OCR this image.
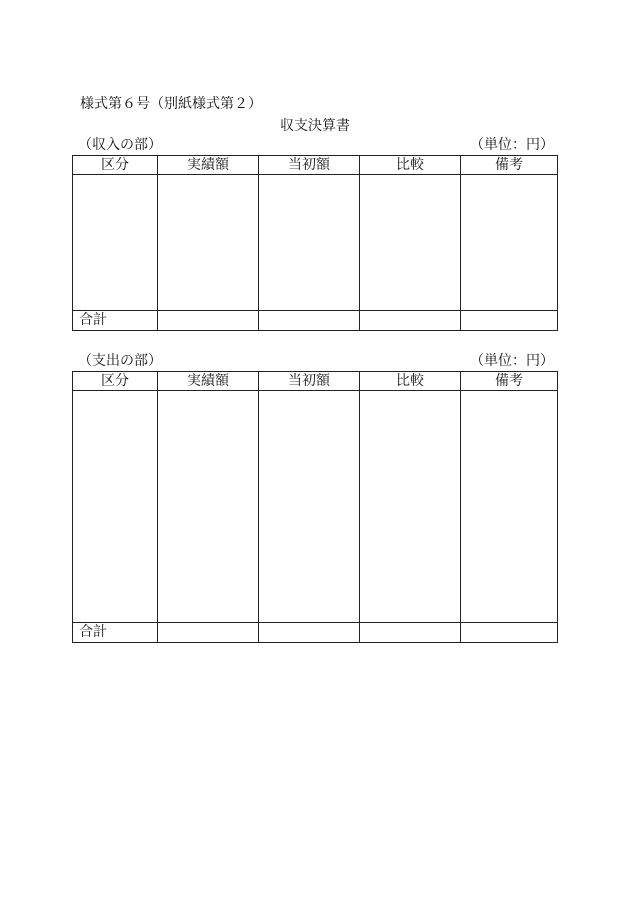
様式第６号（別紙様式第２）
収支決算書
（収入の部）	（単位：円）
区分	実績額	当初額	比較	備考

合計				
（支出の部）	（単位：円）
区分	実績額	当初額	比較	備考

合計				
